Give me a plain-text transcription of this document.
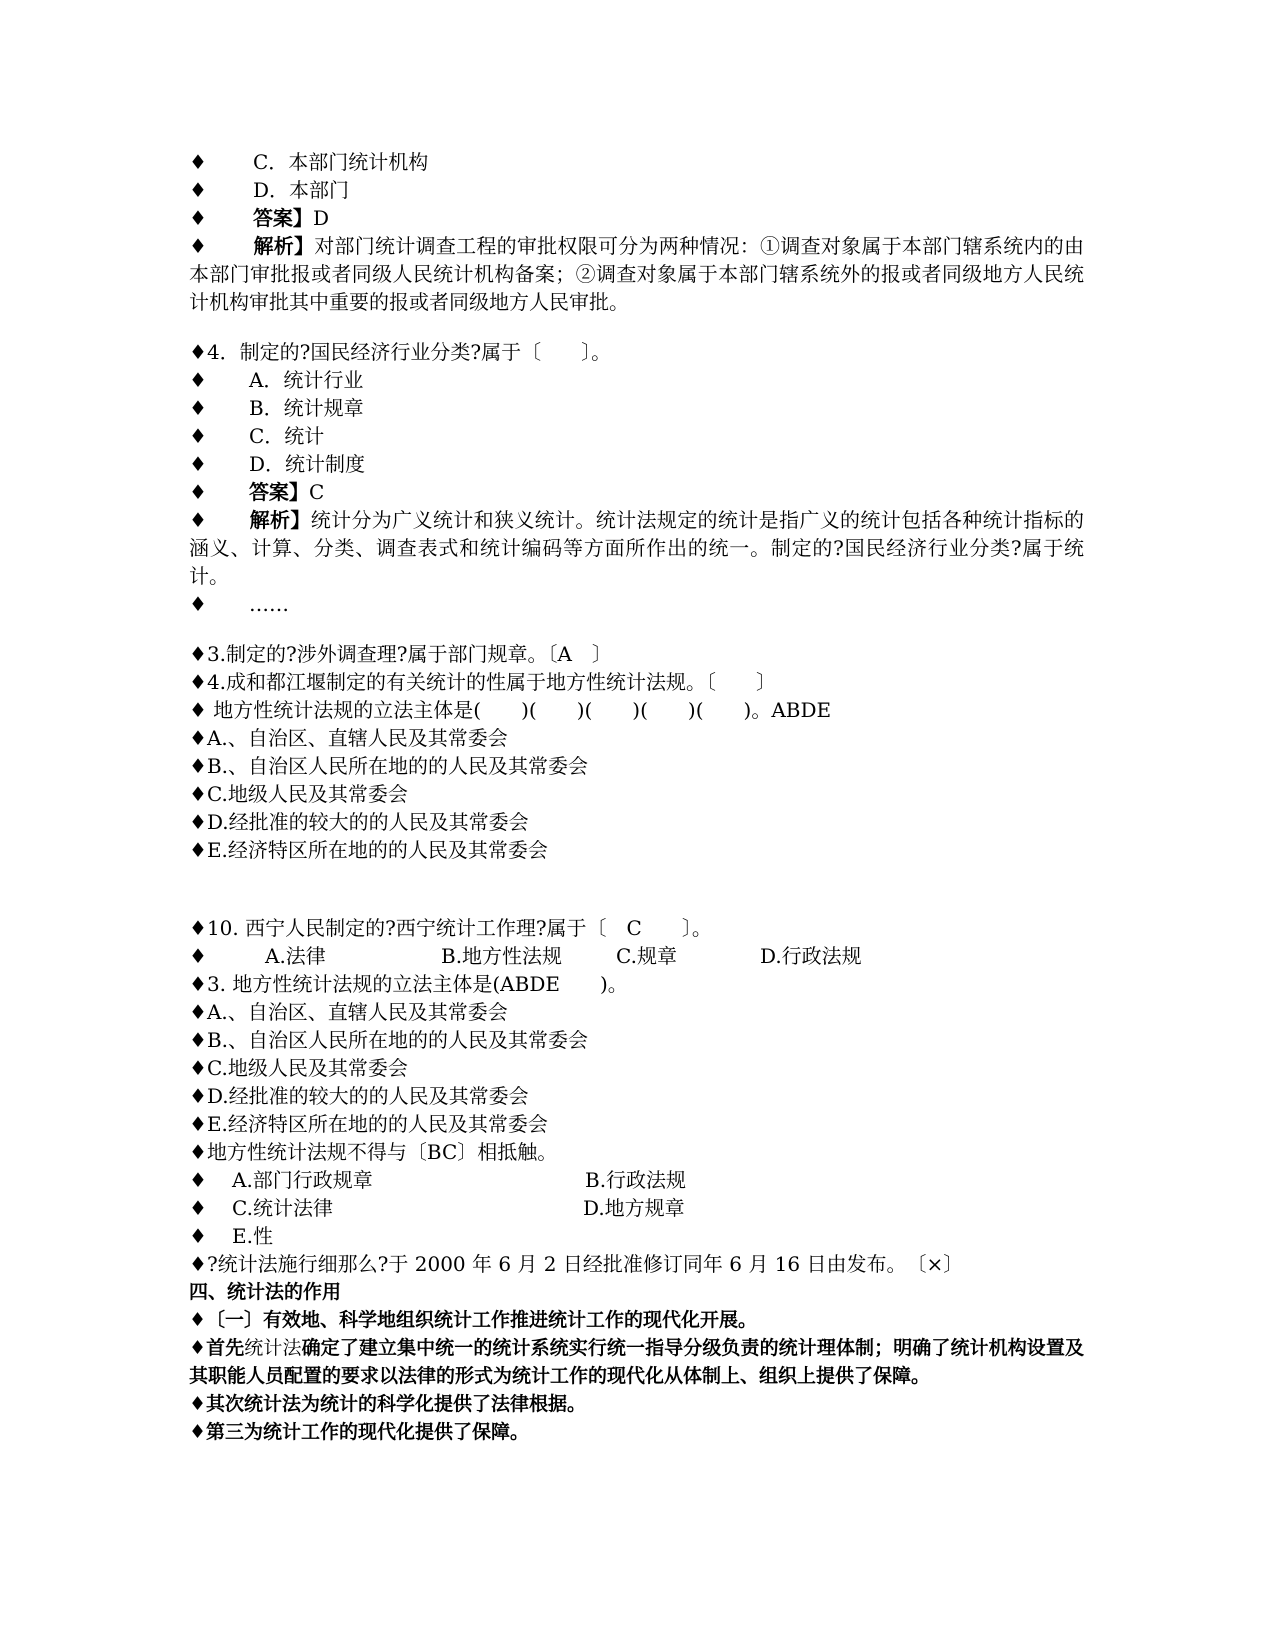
♦ C．本部门统计机构
♦ D．本部门
♦ 答案】D
♦ 解析】对部门统计调查工程的审批权限可分为两种情况：①调查对象属于本部门辖系统内的由本部门审批报或者同级人民统计机构备案；②调查对象属于本部门辖系统外的报或者同级地方人民统计机构审批其中重要的报或者同级地方人民审批。
♦4．制定的?国民经济行业分类?属于〔　　〕。
♦ A．统计行业
♦ B．统计规章
♦ C．统计
♦ D．统计制度
♦ 答案】C
♦ 解析】统计分为广义统计和狭义统计。统计法规定的统计是指广义的统计包括各种统计指标的涵义、计算、分类、调查表式和统计编码等方面所作出的统一。制定的?国民经济行业分类?属于统计。
♦ ……
♦3.制定的?涉外调查理?属于部门规章。〔A　〕
♦4.成和都江堰制定的有关统计的性属于地方性统计法规。〔　　〕
♦ 地方性统计法规的立法主体是(　　)(　　)(　　)(　　)(　　)。ABDE
♦A.、自治区、直辖人民及其常委会
♦B.、自治区人民所在地的的人民及其常委会
♦C.地级人民及其常委会
♦D.经批准的较大的的人民及其常委会
♦E.经济特区所在地的的人民及其常委会
♦10. 西宁人民制定的?西宁统计工作理?属于〔　C　　〕。
♦	A.法律	B.地方性法规	C.规章	D.行政法规
♦3. 地方性统计法规的立法主体是(ABDE　　)。
♦A.、自治区、直辖人民及其常委会
♦B.、自治区人民所在地的的人民及其常委会
♦C.地级人民及其常委会
♦D.经批准的较大的的人民及其常委会
♦E.经济特区所在地的的人民及其常委会
♦地方性统计法规不得与〔BC〕相抵触。
♦ A.部门行政规章	B.行政法规
♦ C.统计法律	D.地方规章
♦ E.性
♦?统计法施行细那么?于 2000 年 6 月 2 日经批准修订同年 6 月 16 日由发布。　〔×〕
四、统计法的作用
♦〔一〕有效地、科学地组织统计工作推进统计工作的现代化开展。
♦首先统计法确定了建立集中统一的统计系统实行统一指导分级负责的统计理体制；明确了统计机构设置及其职能人员配置的要求以法律的形式为统计工作的现代化从体制上、组织上提供了保障。
♦其次统计法为统计的科学化提供了法律根据。
♦第三为统计工作的现代化提供了保障。
